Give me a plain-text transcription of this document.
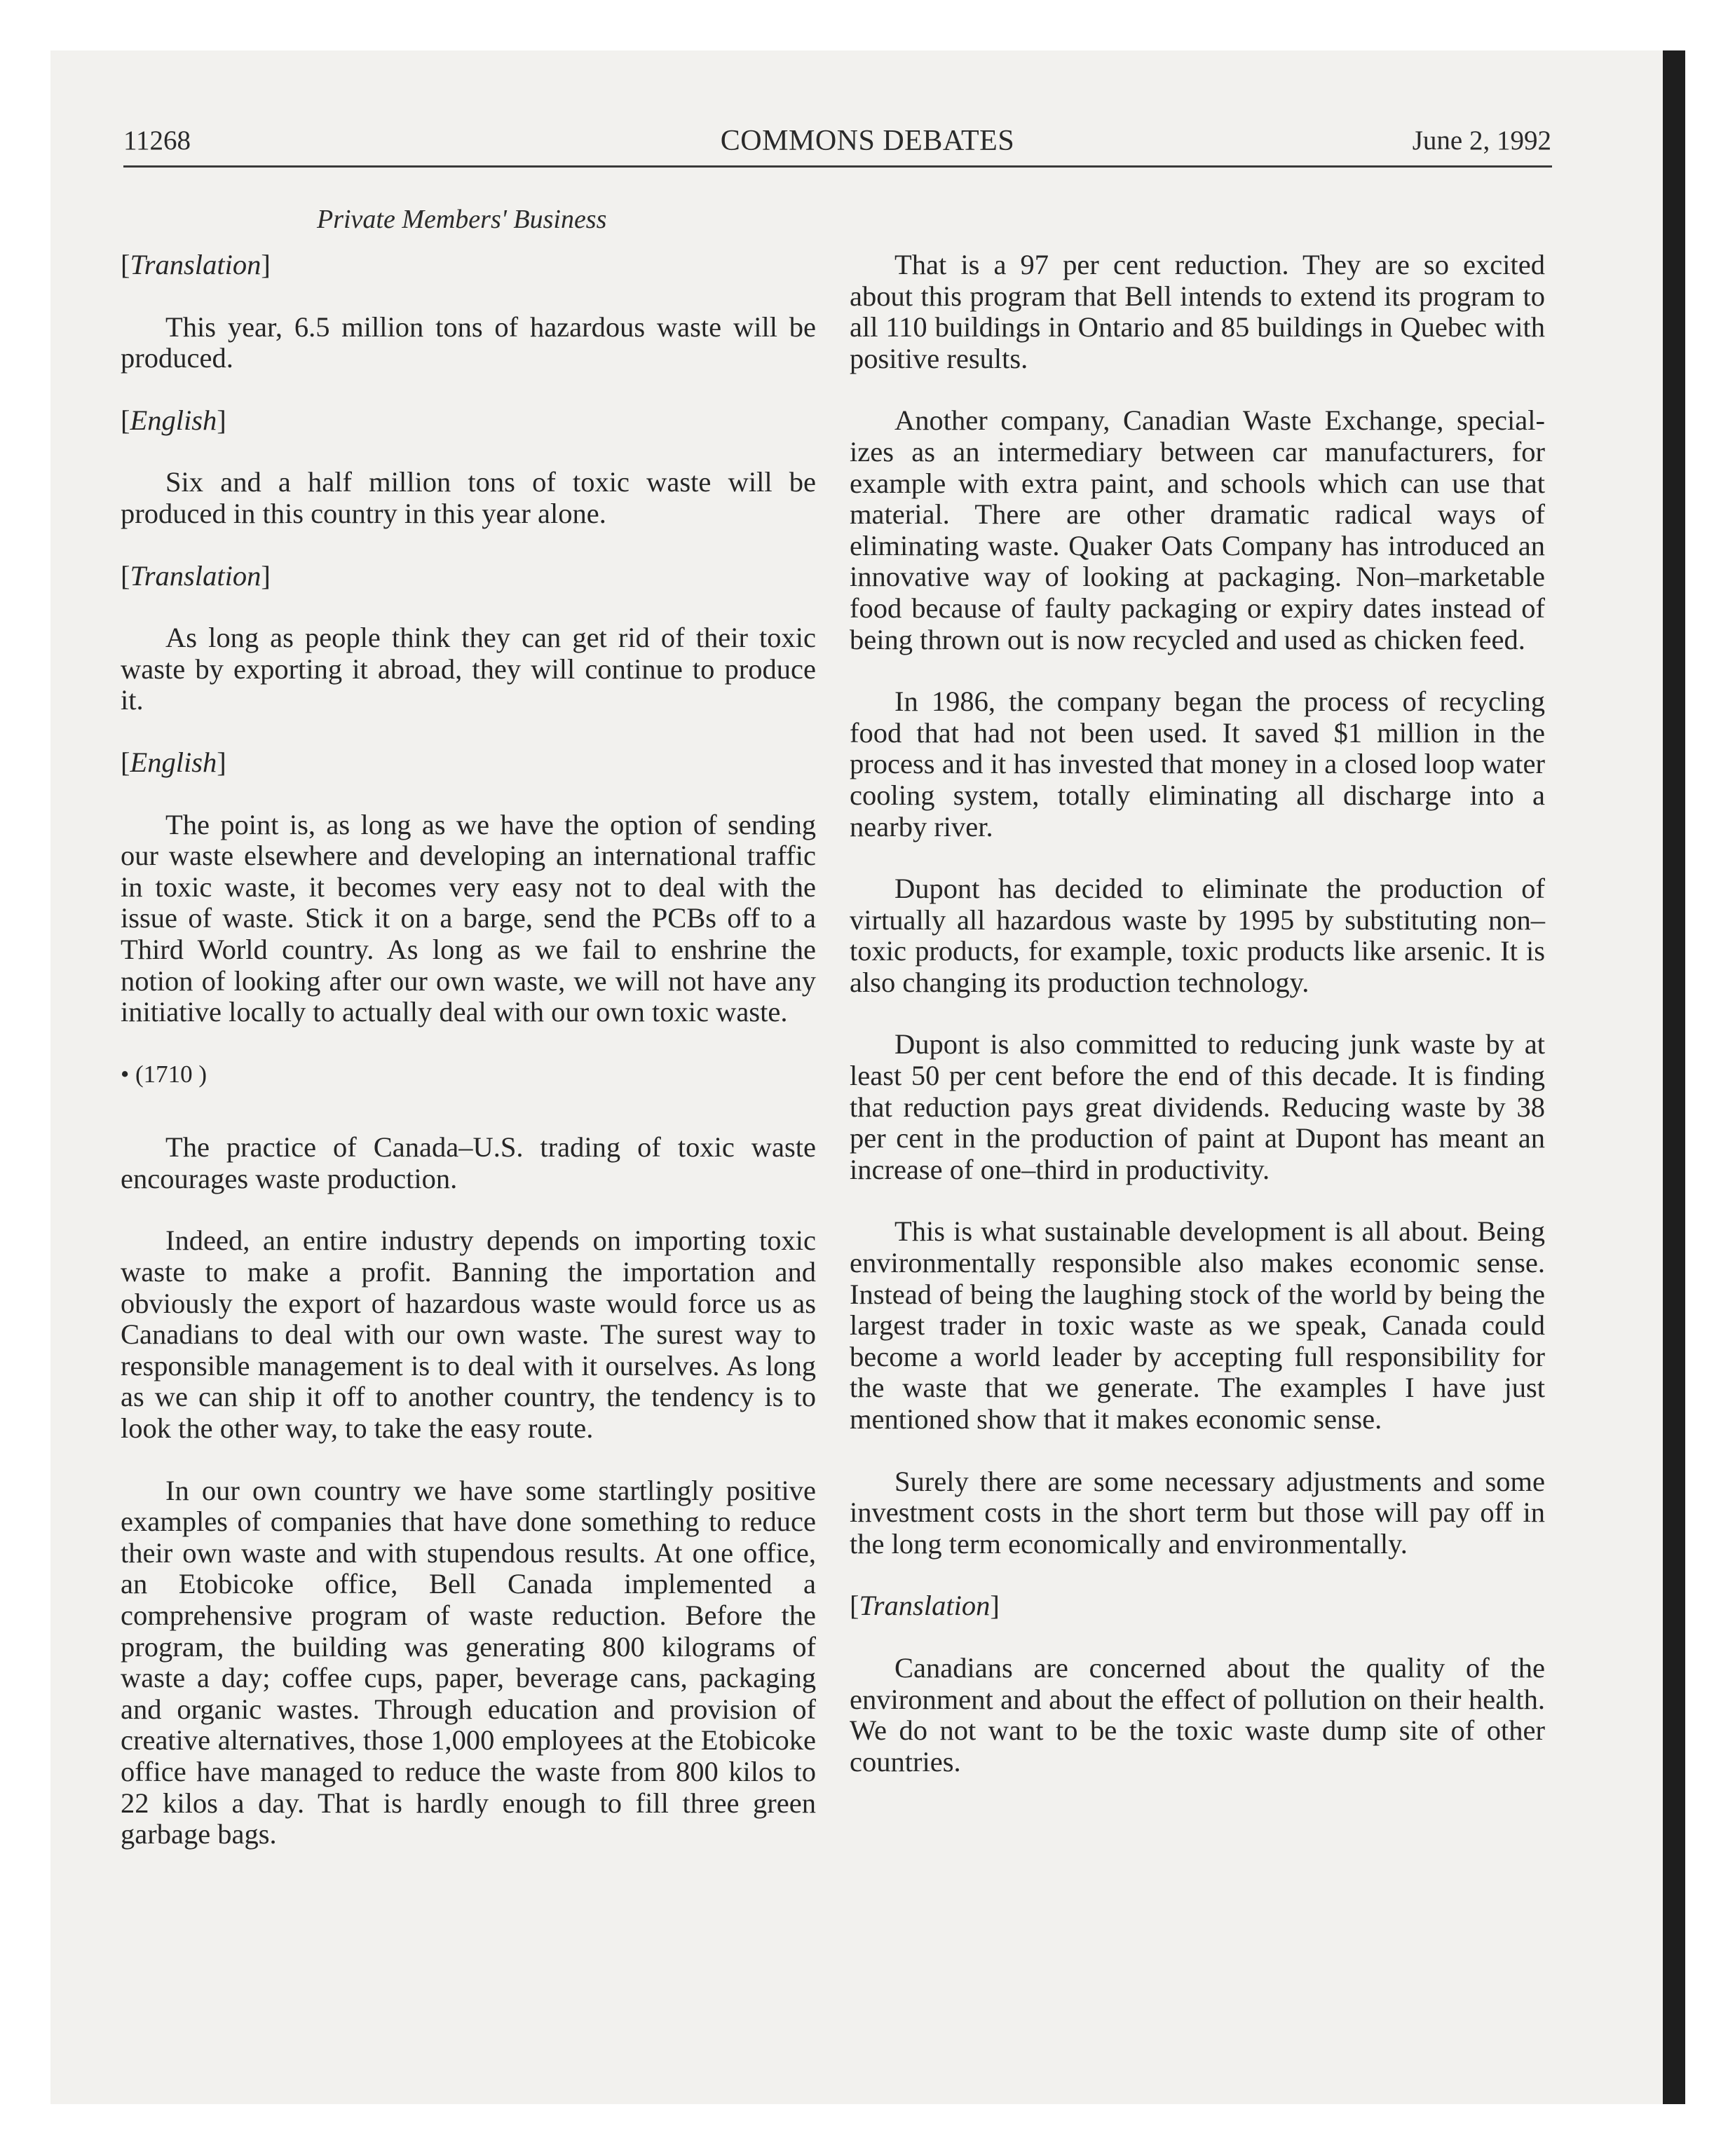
11268	COMMONS DEBATES	June 2, 1992
Private Members' Business

[Translation]

This year, 6.5 million tons of hazardous waste will be produced.

[English]

Six and a half million tons of toxic waste will be produced in this country in this year alone.

[Translation]

As long as people think they can get rid of their toxic waste by exporting it abroad, they will continue to produce it.

[English]

The point is, as long as we have the option of sending our waste elsewhere and developing an international traffic in toxic waste, it becomes very easy not to deal with the issue of waste. Stick it on a barge, send the PCBs off to a Third World country. As long as we fail to enshrine the notion of looking after our own waste, we will not have any initiative locally to actually deal with our own toxic waste.

• (1710 )

The practice of Canada–U.S. trading of toxic waste encourages waste production.

Indeed, an entire industry depends on importing toxic waste to make a profit. Banning the importation and obviously the export of hazardous waste would force us as Canadians to deal with our own waste. The surest way to responsible management is to deal with it ourselves. As long as we can ship it off to another country, the tendency is to look the other way, to take the easy route.

In our own country we have some startlingly positive examples of companies that have done something to reduce their own waste and with stupendous results. At one office, an Etobicoke office, Bell Canada implemented a comprehensive program of waste reduction. Before the program, the building was generating 800 kilograms of waste a day; coffee cups, paper, beverage cans, packaging and organic wastes. Through education and provision of creative alternatives, those 1,000 employees at the Etobicoke office have managed to reduce the waste from 800 kilos to 22 kilos a day. That is hardly enough to fill three green garbage bags.

That is a 97 per cent reduction. They are so excited about this program that Bell intends to extend its program to all 110 buildings in Ontario and 85 buildings in Quebec with positive results.

Another company, Canadian Waste Exchange, specializes as an intermediary between car manufacturers, for example with extra paint, and schools which can use that material. There are other dramatic radical ways of eliminating waste. Quaker Oats Company has introduced an innovative way of looking at packaging. Non–marketable food because of faulty packaging or expiry dates instead of being thrown out is now recycled and used as chicken feed.

In 1986, the company began the process of recycling food that had not been used. It saved $1 million in the process and it has invested that money in a closed loop water cooling system, totally eliminating all discharge into a nearby river.

Dupont has decided to eliminate the production of virtually all hazardous waste by 1995 by substituting non–toxic products, for example, toxic products like arsenic. It is also changing its production technology.

Dupont is also committed to reducing junk waste by at least 50 per cent before the end of this decade. It is finding that reduction pays great dividends. Reducing waste by 38 per cent in the production of paint at Dupont has meant an increase of one–third in productivity.

This is what sustainable development is all about. Being environmentally responsible also makes economic sense. Instead of being the laughing stock of the world by being the largest trader in toxic waste as we speak, Canada could become a world leader by accepting full responsibility for the waste that we generate. The examples I have just mentioned show that it makes economic sense.

Surely there are some necessary adjustments and some investment costs in the short term but those will pay off in the long term economically and environmentally.

[Translation]

Canadians are concerned about the quality of the environment and about the effect of pollution on their health. We do not want to be the toxic waste dump site of other countries.
